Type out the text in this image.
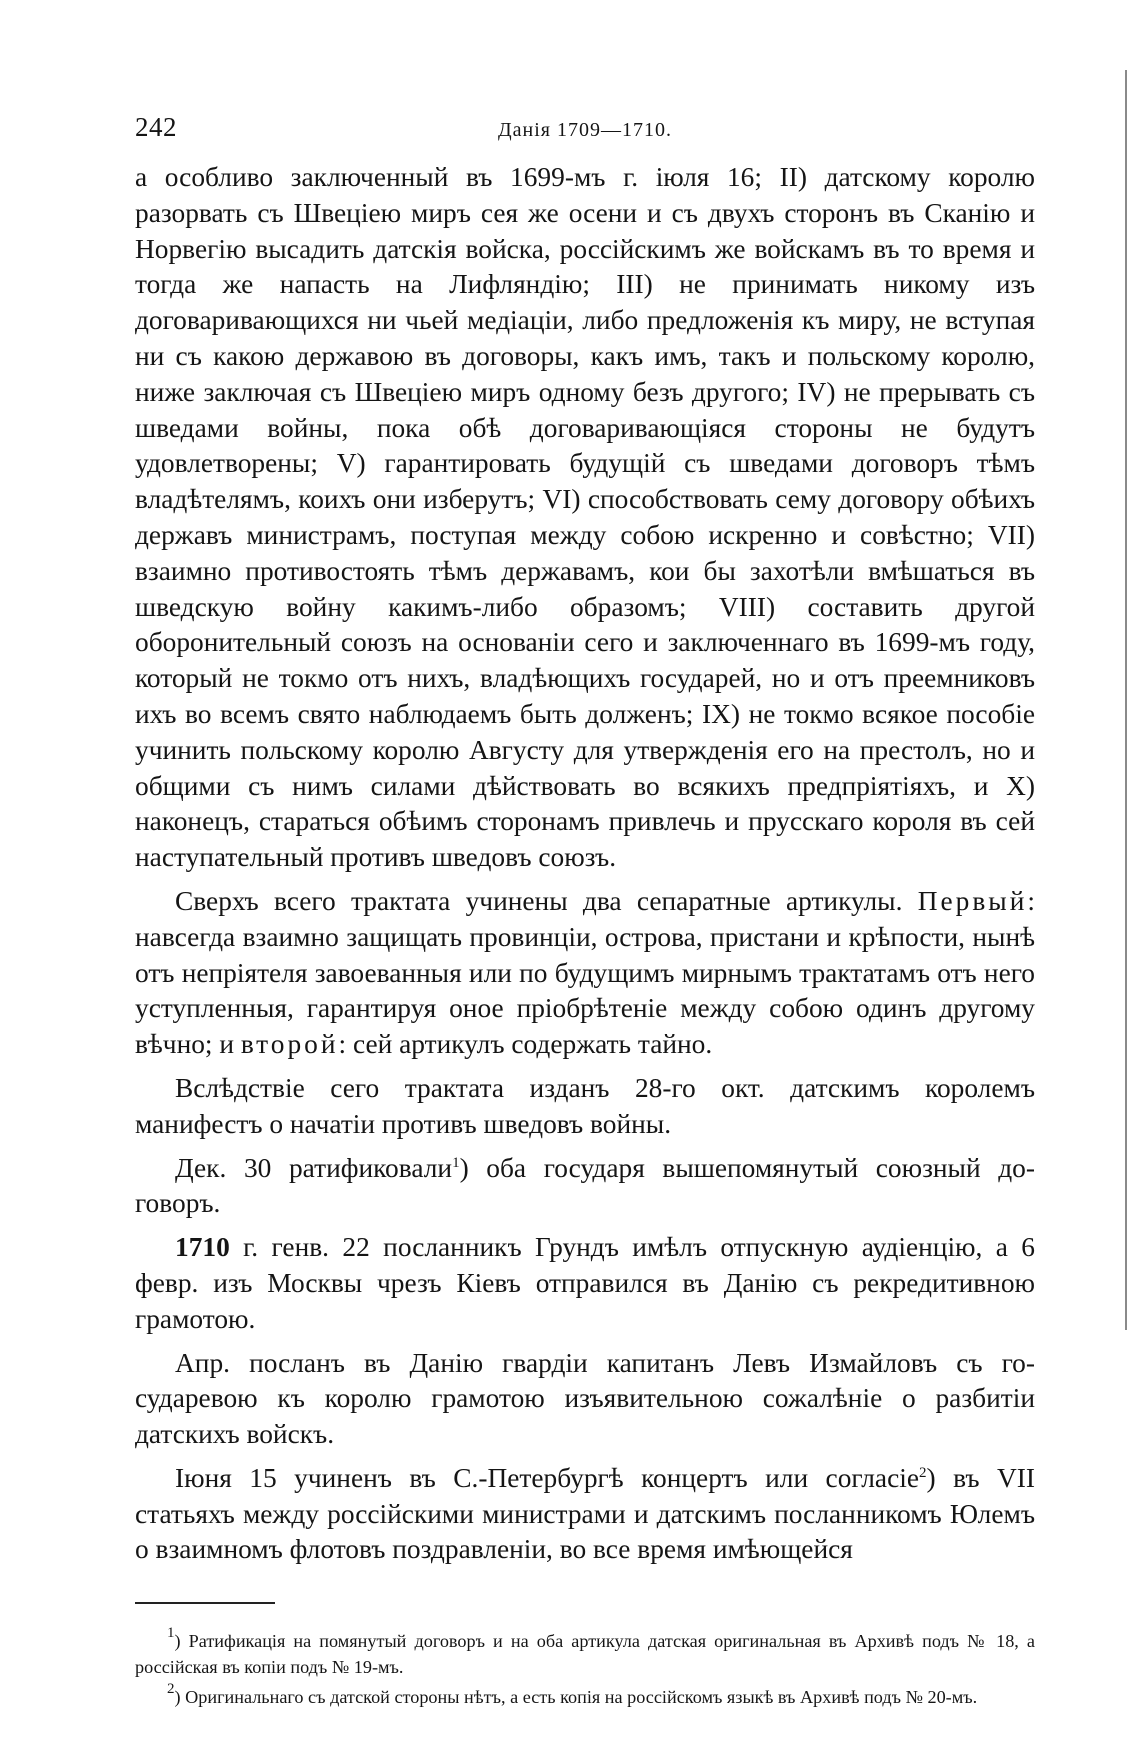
242	Данія 1709—1710.

а особливо заключенный въ 1699-мъ г. іюля 16; II) датскому королю разорвать съ Швеціею миръ сея же осени и съ двухъ сторонъ въ Сканію и Норвегію высадить датскія войска, россійскимъ же войскамъ въ то время и тогда же напасть на Лифляндію; III) не принимать никому изъ договаривающихся ни чьей медіаціи, либо предложенія къ миру, не вступая ни съ какою державою въ договоры, какъ имъ, такъ и польскому королю, ниже заключая съ Швеціею миръ одному безъ другого; IV) не прерывать съ шведами войны, пока обѣ договаривающіяся стороны не будутъ удовлетворены; V) гарантировать будущій съ шведами договоръ тѣмъ владѣтелямъ, коихъ они изберутъ; VI) способствовать сему договору обѣихъ державъ министрамъ, поступая между собою искренно и совѣстно; VII) взаимно противостоять тѣмъ державамъ, кои бы захотѣли вмѣшаться въ шведскую войну какимъ-либо образомъ; VIII) составить другой оборонительный союзъ на основаніи сего и заключеннаго въ 1699-мъ году, который не токмо отъ нихъ, владѣющихъ государей, но и отъ преемниковъ ихъ во всемъ свято наблюдаемъ быть долженъ; IX) не токмо всякое пособіе учинить польскому королю Августу для утвержденія его на престолъ, но и общими съ нимъ силами дѣйствовать во всякихъ предпріятіяхъ, и X) наконецъ, стараться обѣимъ сторонамъ привлечь и прусскаго короля въ сей наступательный противъ шведовъ союзъ.

Сверхъ всего трактата учинены два сепаратные артикулы. Первый: навсегда взаимно защищать провинціи, острова, пристани и крѣпости, нынѣ отъ непріятеля завоеванныя или по будущимъ мирнымъ трактатамъ отъ него уступленныя, гарантируя оное пріобрѣтеніе между собою одинъ другому вѣчно; и второй: сей артикулъ содержать тайно.

Вслѣдствіе сего трактата изданъ 28-го окт. датскимъ королемъ манифестъ о начатіи противъ шведовъ войны.

Дек. 30 ратификовали$^1$) оба государя вышепомянутый союзный договоръ.

1710 г. генв. 22 посланникъ Грундъ имѣлъ отпускную аудіенцію, а 6 февр. изъ Москвы чрезъ Кіевъ отправился въ Данію съ рекредитивною грамотою.

Апр. посланъ въ Данію гвардіи капитанъ Левъ Измайловъ съ государевою къ королю грамотою изъявительною сожалѣніе о разбитіи датскихъ войскъ.

Іюня 15 учиненъ въ С.-Петербургѣ концертъ или согласіе$^2$) въ VII статьяхъ между россійскими министрами и датскимъ посланникомъ Юлемъ о взаимномъ флотовъ поздравленіи, во все время имѣющейся

$^1$) Ратификація на помянутый договоръ и на оба артикула датская оригинальная въ Архивѣ подъ № 18, а россійская въ копіи подъ № 19-мъ.

$^2$) Оригинальнаго съ датской стороны нѣтъ, а есть копія на россійскомъ языкѣ въ Архивѣ подъ № 20-мъ.
